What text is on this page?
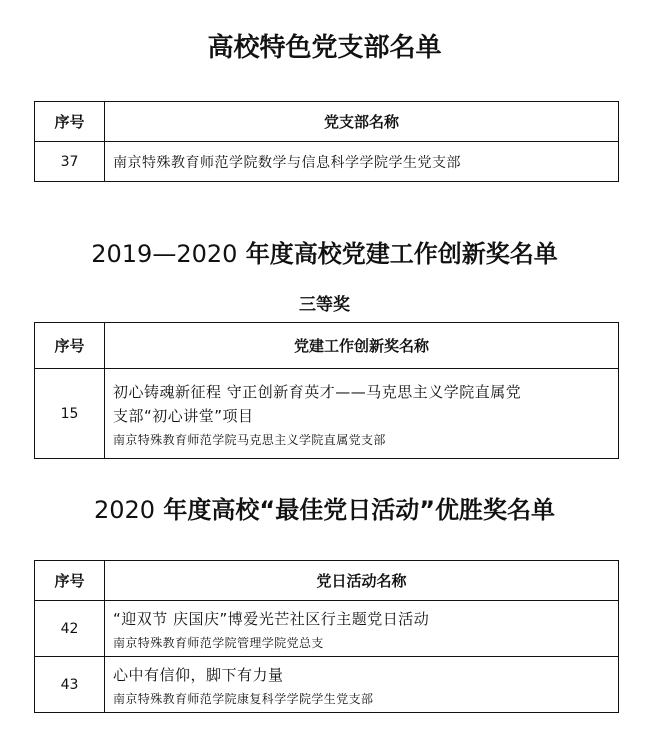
高校特色党支部名单
序号	党支部名称
37	南京特殊教育师范学院数学与信息科学学院学生党支部
2019—2020 年度高校党建工作创新奖名单
三等奖
序号	党建工作创新奖名称
15	初心铸魂新征程 守正创新育英才——马克思主义学院直属党
支部“初心讲堂”项目
南京特殊教育师范学院马克思主义学院直属党支部
2020 年度高校“最佳党日活动”优胜奖名单
序号	党日活动名称
42	“迎双节 庆国庆”博爱光芒社区行主题党日活动
南京特殊教育师范学院管理学院党总支

43	心中有信仰，脚下有力量
南京特殊教育师范学院康复科学学院学生党支部
